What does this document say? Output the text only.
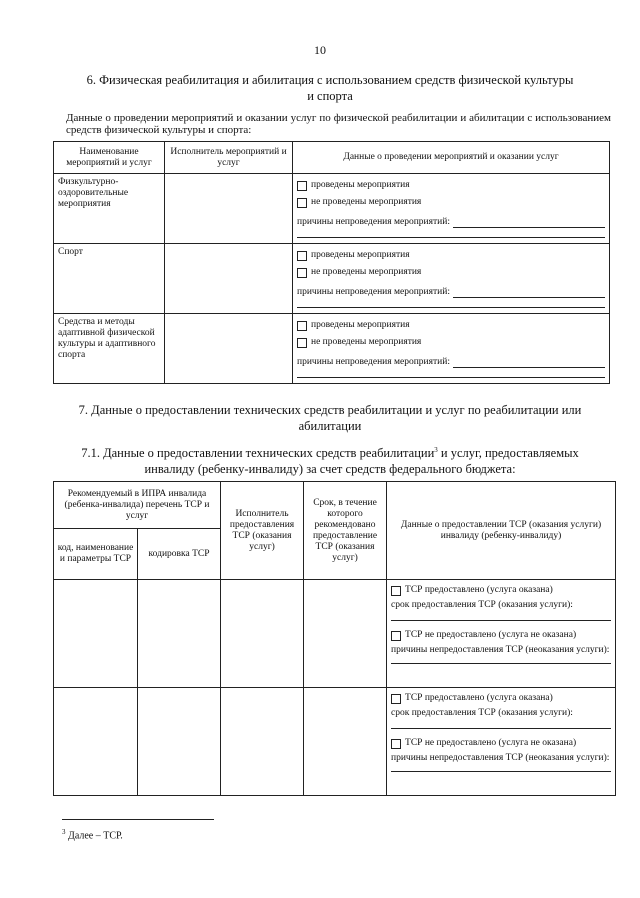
10
6. Физическая реабилитация и абилитация с использованием средств физической культуры
и спорта
Данные о проведении мероприятий и оказании услуг по физической реабилитации и абилитации с использованием средств физической культуры и спорта:
Наименование мероприятий и услуг	Исполнитель мероприятий и услуг	Данные о проведении мероприятий и оказании услуг
Физкультурно-оздоровительные мероприятия		проведены мероприятия
не проведены мероприятия
причины непроведения мероприятий:

Спорт		проведены мероприятия
не проведены мероприятия
причины непроведения мероприятий:

Средства и методы адаптивной физической культуры и адаптивного спорта		проведены мероприятия
не проведены мероприятия
причины непроведения мероприятий:
7. Данные о предоставлении технических средств реабилитации и услуг по реабилитации или
абилитации
7.1. Данные о предоставлении технических средств реабилитации$^3$ и услуг, предоставляемых
инвалиду (ребенку-инвалиду) за счет средств федерального бюджета:
Рекомендуемый в ИПРА инвалида (ребенка-инвалида) перечень ТСР и услуг		Исполнитель предоставления ТСР (оказания услуг)	Срок, в течение которого рекомендовано предоставление ТСР (оказания услуг)	Данные о предоставлении ТСР (оказания услуги) инвалиду (ребенку-инвалиду)
код, наименование и параметры ТСР	кодировка ТСР			

				ТСР предоставлено (услуга оказана)
срок предоставления ТСР (оказания услуги):
ТСР не предоставлено (услуга не оказана)
причины непредоставления ТСР (неоказания услуги):

				ТСР предоставлено (услуга оказана)
срок предоставления ТСР (оказания услуги):
ТСР не предоставлено (услуга не оказана)
причины непредоставления ТСР (неоказания услуги):
$^3$ Далее – ТСР.
